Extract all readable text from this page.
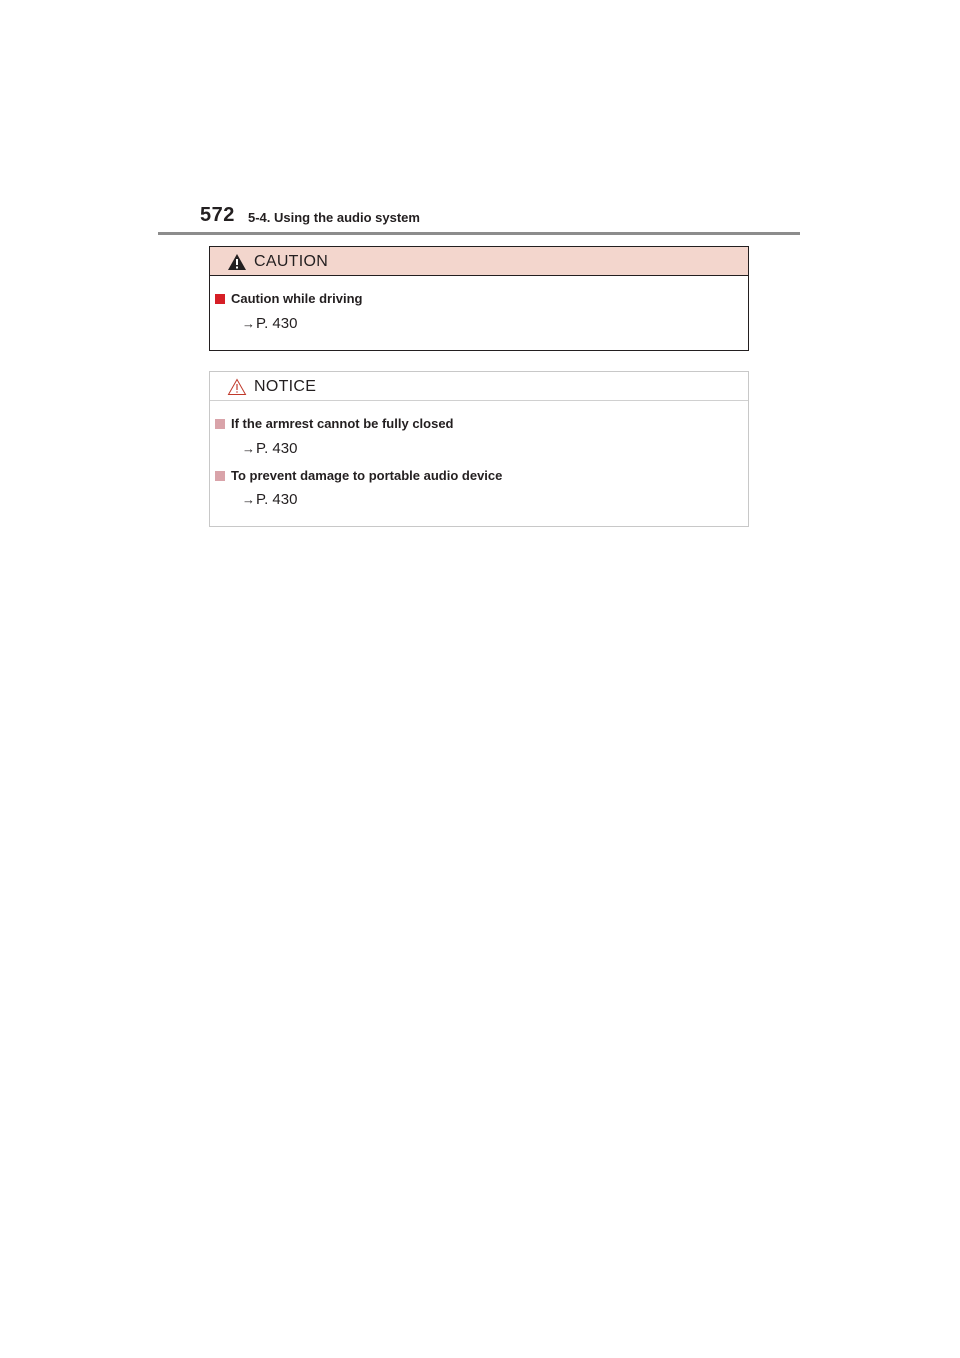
572 5-4. Using the audio system
CAUTION
Caution while driving
→P. 430
NOTICE
If the armrest cannot be fully closed
→P. 430
To prevent damage to portable audio device
→P. 430
